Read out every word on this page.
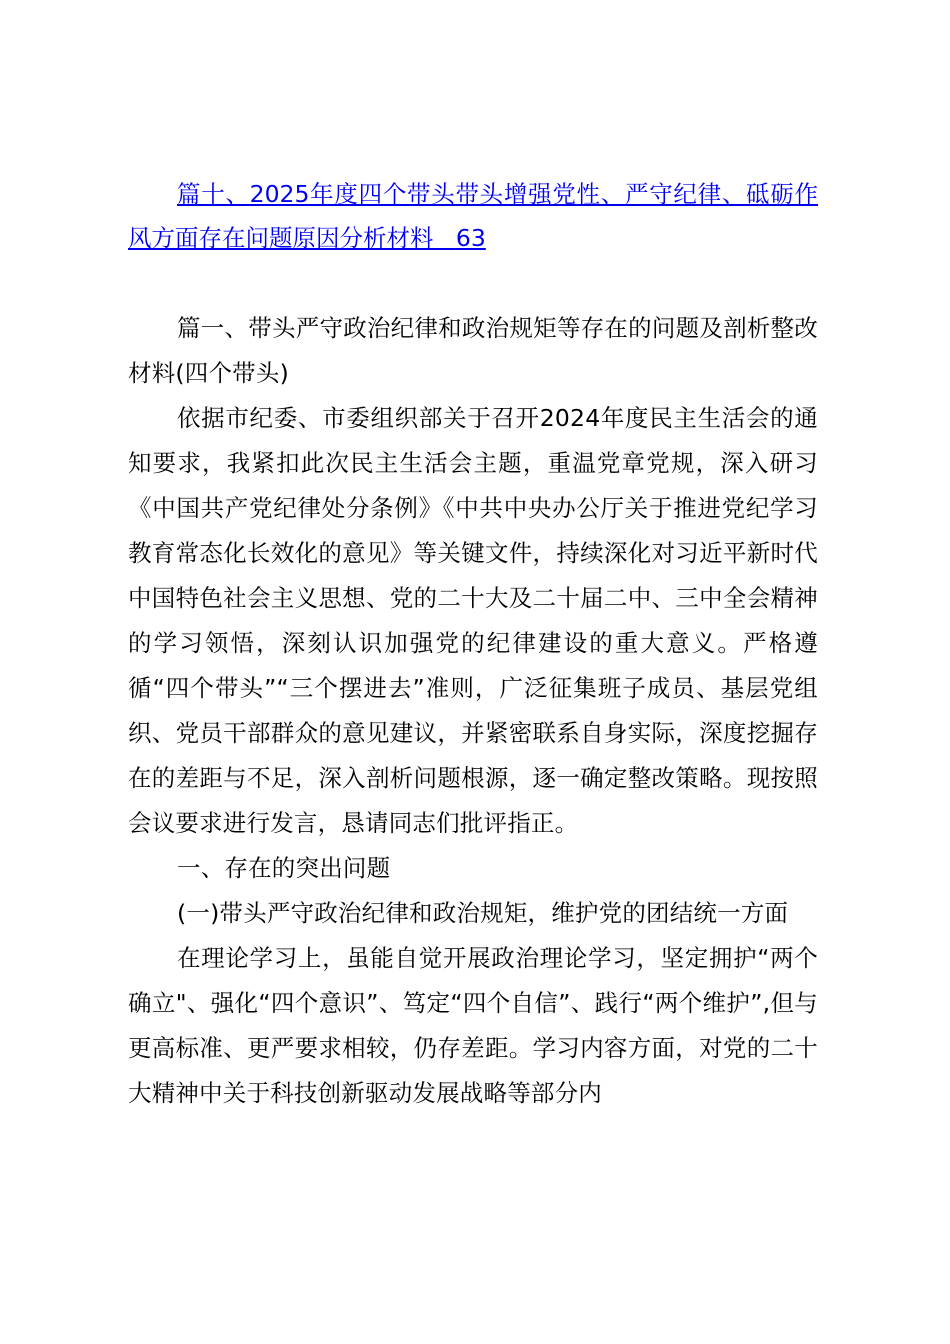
篇十、2025年度四个带头带头增强党性、严守纪律、砥砺作风方面存在问题原因分析材料 63

篇一、带头严守政治纪律和政治规矩等存在的问题及剖析整改材料(四个带头)

依据市纪委、市委组织部关于召开2024年度民主生活会的通知要求，我紧扣此次民主生活会主题，重温党章党规，深入研习《中国共产党纪律处分条例》《中共中央办公厅关于推进党纪学习教育常态化长效化的意见》等关键文件，持续深化对习近平新时代中国特色社会主义思想、党的二十大及二十届二中、三中全会精神的学习领悟，深刻认识加强党的纪律建设的重大意义。严格遵循“四个带头”“三个摆进去”准则，广泛征集班子成员、基层党组织、党员干部群众的意见建议，并紧密联系自身实际，深度挖掘存在的差距与不足，深入剖析问题根源，逐一确定整改策略。现按照会议要求进行发言，恳请同志们批评指正。

一、存在的突出问题

(一)带头严守政治纪律和政治规矩，维护党的团结统一方面

在理论学习上，虽能自觉开展政治理论学习，坚定拥护“两个确立"、强化“四个意识”、笃定“四个自信”、践行“两个维护”,但与更高标准、更严要求相较，仍存差距。学习内容方面，对党的二十大精神中关于科技创新驱动发展战略等部分内
